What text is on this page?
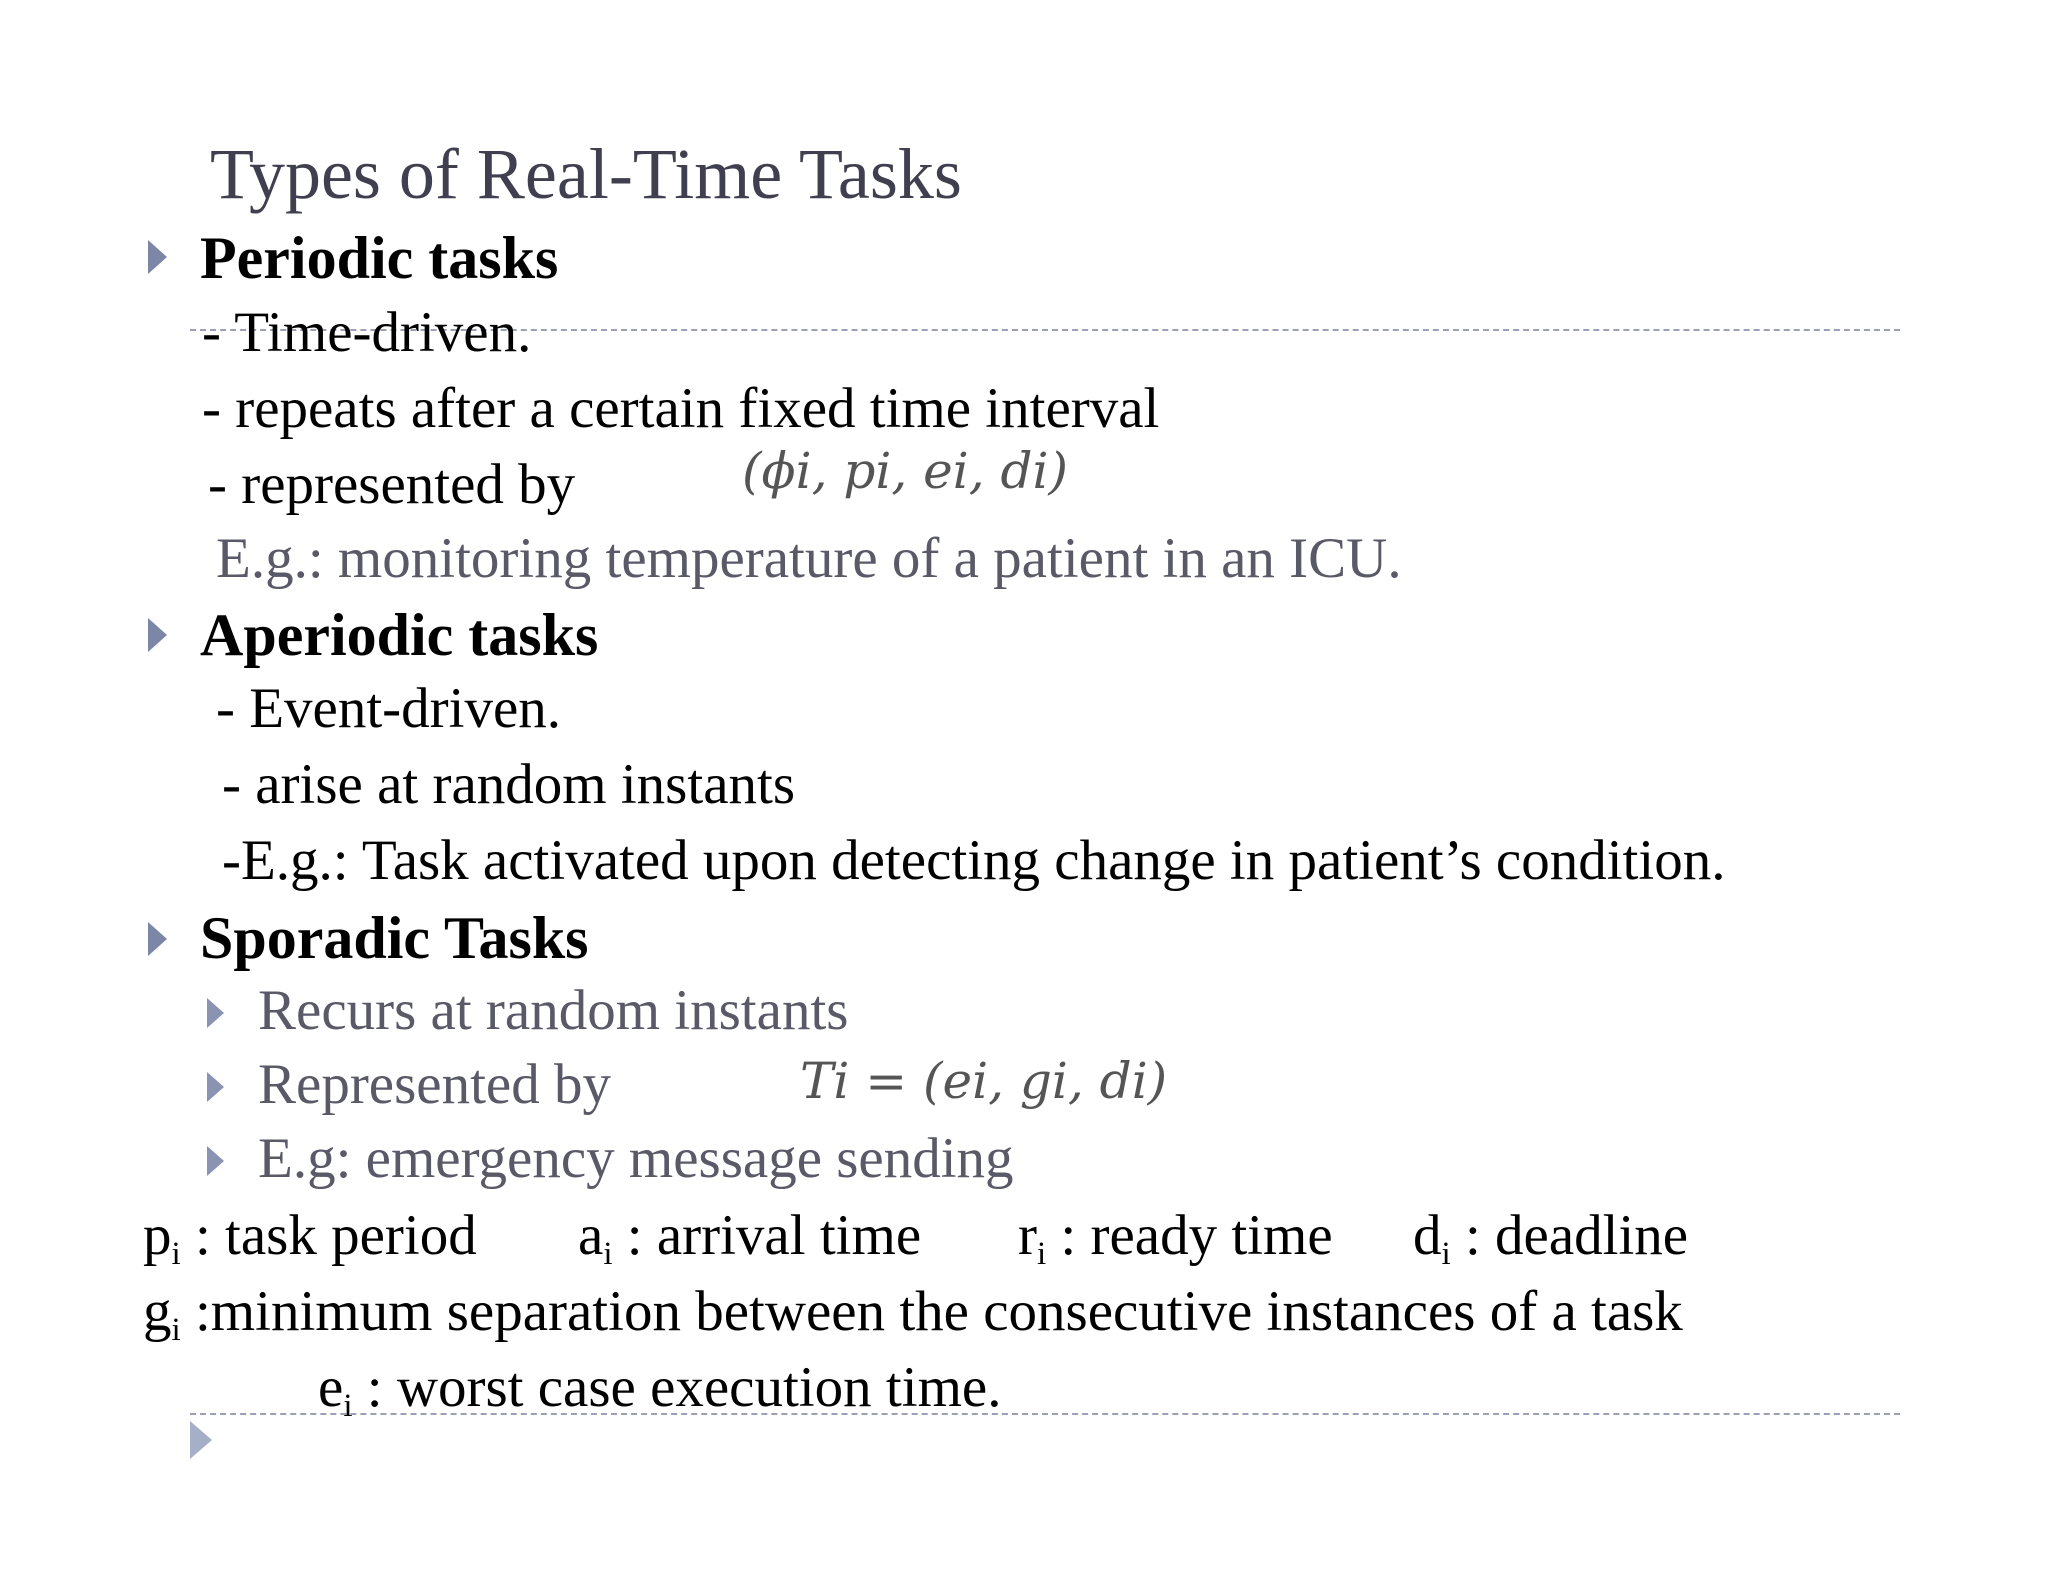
Types of Real-Time Tasks
Periodic tasks
- Time-driven.
- repeats after a certain fixed time interval
- represented by	(ϕi, pi, ei, di)
E.g.: monitoring temperature of a patient in an ICU.
Aperiodic tasks
- Event-driven.
- arise at random instants
-E.g.: Task activated upon detecting change in patient’s condition.
Sporadic Tasks
Recurs at random instants
Represented by	Ti = (ei, gi, di)
E.g: emergency message sending
$p_i$ : task period $a_i$ : arrival time $r_i$ : ready time $d_i$ : deadline
$g_i$ :minimum separation between the consecutive instances of a task
$e_i$ : worst case execution time.
